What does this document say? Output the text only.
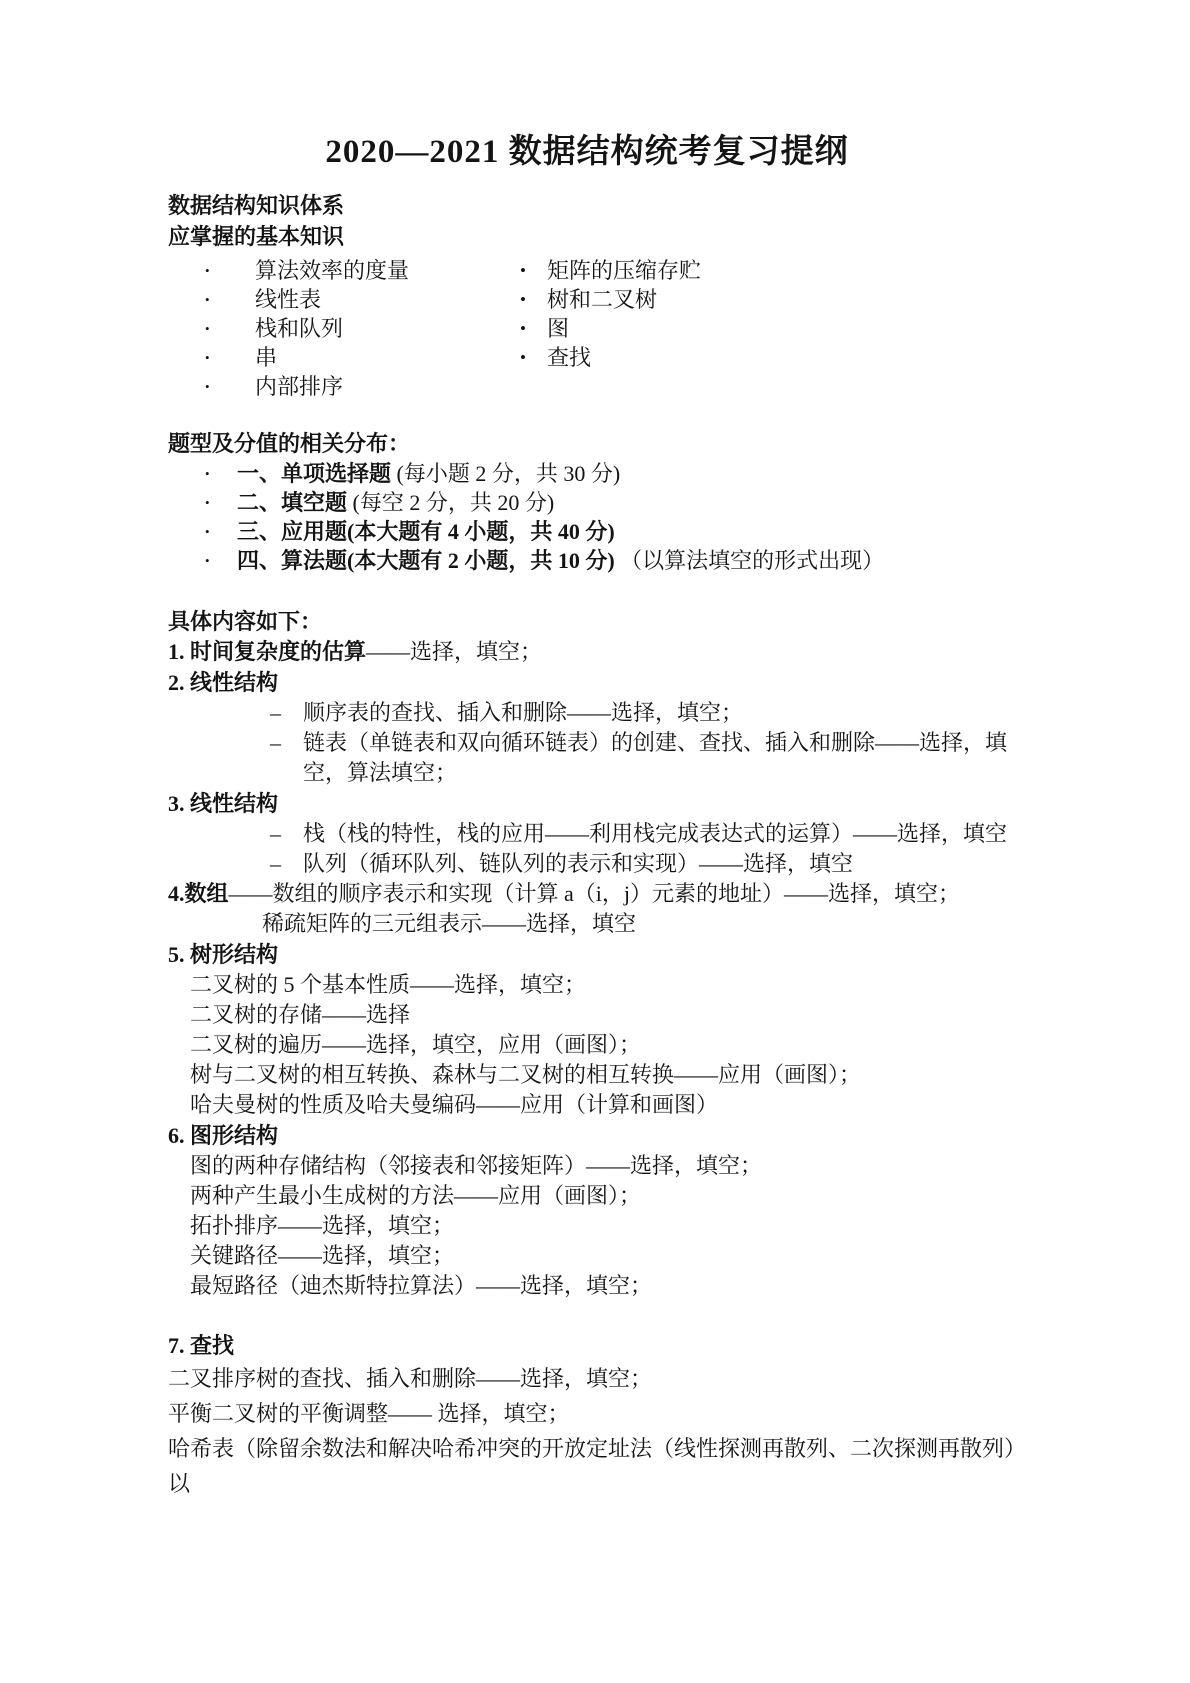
2020—2021 数据结构统考复习提纲

数据结构知识体系

应掌握的基本知识

•	算法效率的度量
•	线性表
•	栈和队列
•	串
•	内部排序
• 矩阵的压缩存贮
• 树和二叉树
• 图
• 查找

题型及分值的相关分布：

•	一、单项选择题 (每小题 2 分，共 30 分)
•	二、填空题 (每空 2 分，共 20 分)
•	三、应用题(本大题有 4 小题，共 40 分)
•	四、算法题(本大题有 2 小题，共 10 分) （以算法填空的形式出现）

具体内容如下：

1. 时间复杂度的估算——选择，填空；

2. 线性结构

–	顺序表的查找、插入和删除——选择，填空；
–	链表（单链表和双向循环链表）的创建、查找、插入和删除——选择，填空，算法填空；

3. 线性结构

–	栈（栈的特性，栈的应用——利用栈完成表达式的运算）——选择，填空
–	队列（循环队列、链队列的表示和实现）——选择，填空

4.数组——数组的顺序表示和实现（计算 a（i，j）元素的地址）——选择，填空；

稀疏矩阵的三元组表示——选择，填空

5. 树形结构

二叉树的 5 个基本性质——选择，填空；

二叉树的存储——选择

二叉树的遍历——选择，填空，应用（画图）；

树与二叉树的相互转换、森林与二叉树的相互转换——应用（画图）；

哈夫曼树的性质及哈夫曼编码——应用（计算和画图）

6. 图形结构

图的两种存储结构（邻接表和邻接矩阵）——选择，填空；

两种产生最小生成树的方法——应用（画图）；

拓扑排序——选择，填空；

关键路径——选择，填空；

最短路径（迪杰斯特拉算法）——选择，填空；

7. 查找

二叉排序树的查找、插入和删除——选择，填空；

平衡二叉树的平衡调整—— 选择，填空；

哈希表（除留余数法和解决哈希冲突的开放定址法（线性探测再散列、二次探测再散列）以
